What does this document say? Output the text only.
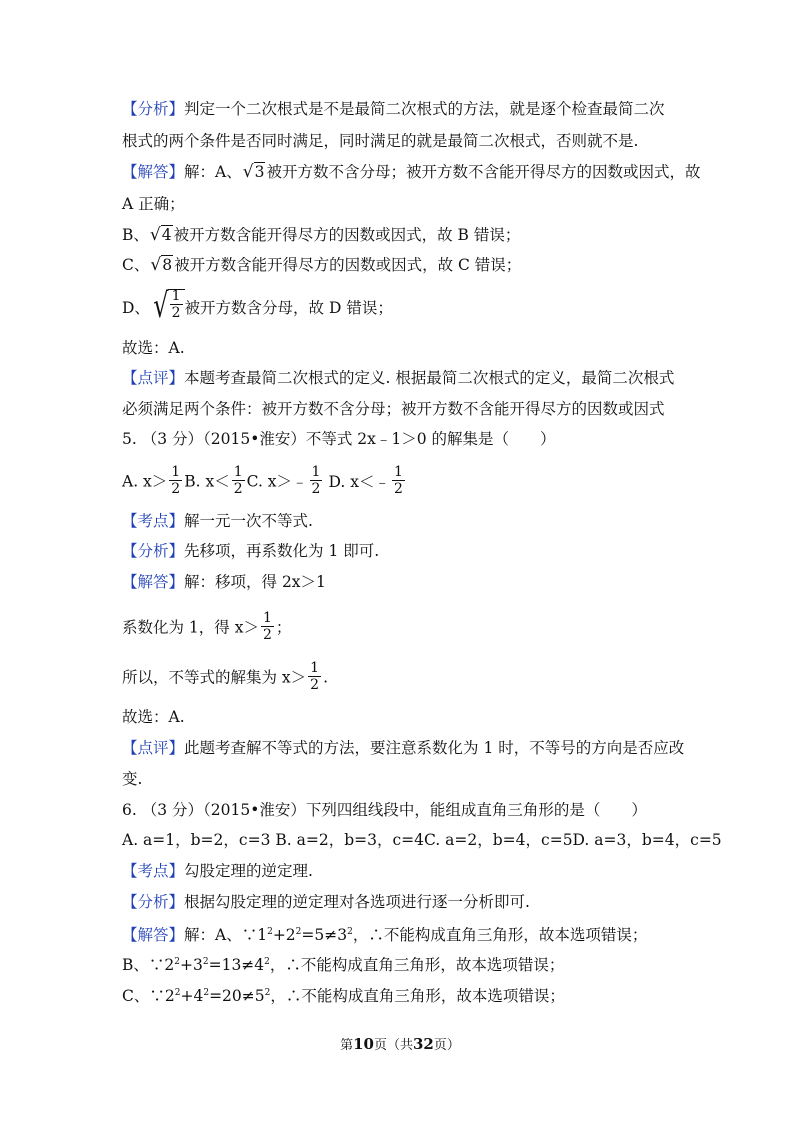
【分析】判定一个二次根式是不是最简二次根式的方法，就是逐个检查最简二次
根式的两个条件是否同时满足，同时满足的就是最简二次根式，否则就不是.
【解答】解：A、√3 被开方数不含分母；被开方数不含能开得尽方的因数或因式，故
A 正确；
B、√4 被开方数含能开得尽方的因数或因式，故 B 错误；
C、√8 被开方数含能开得尽方的因数或因式，故 C 错误；
D、 √ $\frac{1}{2}$ 被开方数含分母，故 D 错误；
故选：A.
【点评】本题考查最简二次根式的定义. 根据最简二次根式的定义，最简二次根式
必须满足两个条件：被开方数不含分母；被开方数不含能开得尽方的因数或因式
5. （3 分）（2015•淮安）不等式 2x﹣1＞0 的解集是（　　）
A. $x> \frac{1}{2} B$. $x< \frac{1}{2} C$. x＞﹣ $\frac{1}{2} D$. x＜﹣ $\frac{1}{2}$
【考点】解一元一次不等式.
【分析】先移项，再系数化为 1 即可.
【解答】解：移项，得 2x＞1
系数化为 1，得 $x> \frac{1}{2}$ ；
所以，不等式的解集为 $x> \frac{1}{2}$ .
故选：A.
【点评】此题考查解不等式的方法，要注意系数化为 1 时，不等号的方向是否应改
变.
6. （3 分）（2015•淮安）下列四组线段中，能组成直角三角形的是（　　）
A. a=1，b=2，c=3 B. a=2，b=3，c=4C. a=2，b=4，c=5D. a=3，b=4，c=5
【考点】勾股定理的逆定理.
【分析】根据勾股定理的逆定理对各选项进行逐一分析即可.
【解答】解：A、$\because 1^2+2^2=5\ne 3^2$，∴不能构成直角三角形，故本选项错误；
B、$\because 2^2+3^2=13\ne 4^2$，∴不能构成直角三角形，故本选项错误；
C、$\because 2^2+4^2=20\ne 5^2$，∴不能构成直角三角形，故本选项错误；
第10页（共32页）
